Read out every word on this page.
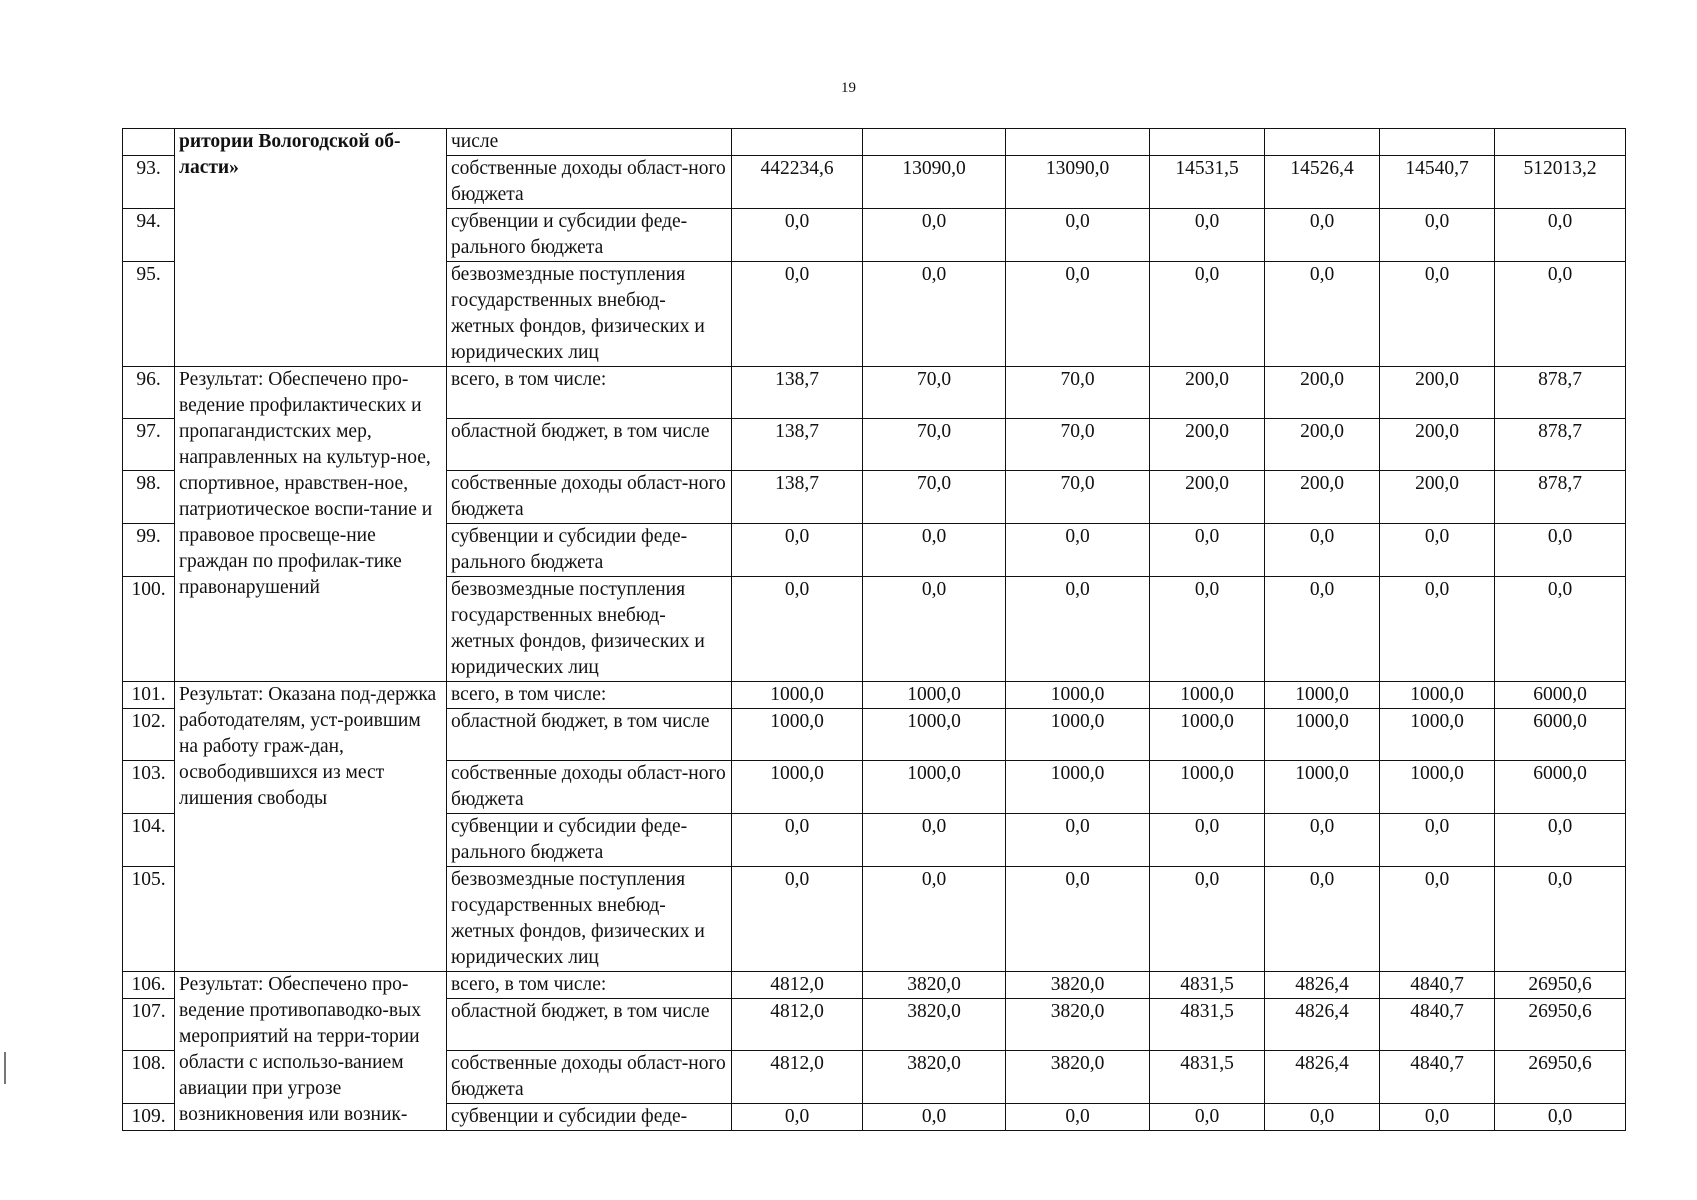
19
	ритории Вологодской об-ласти»	числе							
93.		собственные доходы област-ного бюджета	442234,6	13090,0	13090,0	14531,5	14526,4	14540,7	512013,2
94.		субвенции и субсидии феде-рального бюджета	0,0	0,0	0,0	0,0	0,0	0,0	0,0
95.		безвозмездные поступления государственных внебюд-жетных фондов, физических и юридических лиц	0,0	0,0	0,0	0,0	0,0	0,0	0,0
96.	Результат: Обеспечено про-ведение профилактических и пропагандистских мер, направленных на культур-ное, спортивное, нравствен-ное, патриотическое воспи-тание и правовое просвеще-ние граждан по профилак-тике правонарушений	всего, в том числе:	138,7	70,0	70,0	200,0	200,0	200,0	878,7
97.		областной бюджет, в том числе	138,7	70,0	70,0	200,0	200,0	200,0	878,7
98.		собственные доходы област-ного бюджета	138,7	70,0	70,0	200,0	200,0	200,0	878,7
99.		субвенции и субсидии феде-рального бюджета	0,0	0,0	0,0	0,0	0,0	0,0	0,0
100.		безвозмездные поступления государственных внебюд-жетных фондов, физических и юридических лиц	0,0	0,0	0,0	0,0	0,0	0,0	0,0
101.	Результат: Оказана под-держка работодателям, уст-роившим на работу граж-дан, освободившихся из мест лишения свободы	всего, в том числе:	1000,0	1000,0	1000,0	1000,0	1000,0	1000,0	6000,0
102.		областной бюджет, в том числе	1000,0	1000,0	1000,0	1000,0	1000,0	1000,0	6000,0
103.		собственные доходы област-ного бюджета	1000,0	1000,0	1000,0	1000,0	1000,0	1000,0	6000,0
104.		субвенции и субсидии феде-рального бюджета	0,0	0,0	0,0	0,0	0,0	0,0	0,0
105.		безвозмездные поступления государственных внебюд-жетных фондов, физических и юридических лиц	0,0	0,0	0,0	0,0	0,0	0,0	0,0
106.	Результат: Обеспечено про-ведение противопаводко-вых мероприятий на терри-тории области с использо-ванием авиации при угрозе возникновения или возник-	всего, в том числе:	4812,0	3820,0	3820,0	4831,5	4826,4	4840,7	26950,6
107.		областной бюджет, в том числе	4812,0	3820,0	3820,0	4831,5	4826,4	4840,7	26950,6
108.		собственные доходы област-ного бюджета	4812,0	3820,0	3820,0	4831,5	4826,4	4840,7	26950,6
109.		субвенции и субсидии феде-	0,0	0,0	0,0	0,0	0,0	0,0	0,0
